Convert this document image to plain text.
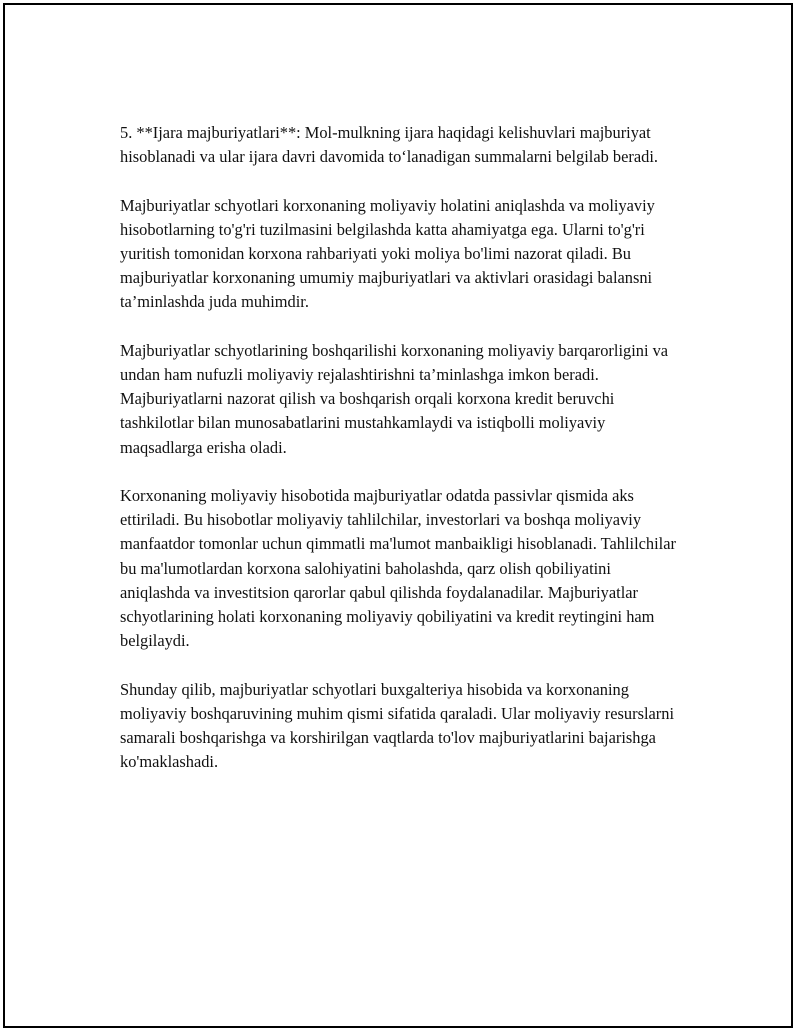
5. **Ijara majburiyatlari**: Mol-mulkning ijara haqidagi kelishuvlari majburiyat hisoblanadi va ular ijara davri davomida toʻlanadigan summalarni belgilab beradi.

Majburiyatlar schyotlari korxonaning moliyaviy holatini aniqlashda va moliyaviy hisobotlarning to'g'ri tuzilmasini belgilashda katta ahamiyatga ega. Ularni to'g'ri yuritish tomonidan korxona rahbariyati yoki moliya bo'limi nazorat qiladi. Bu majburiyatlar korxonaning umumiy majburiyatlari va aktivlari orasidagi balansni ta’minlashda juda muhimdir.

Majburiyatlar schyotlarining boshqarilishi korxonaning moliyaviy barqarorligini va undan ham nufuzli moliyaviy rejalashtirishni ta’minlashga imkon beradi. Majburiyatlarni nazorat qilish va boshqarish orqali korxona kredit beruvchi tashkilotlar bilan munosabatlarini mustahkamlaydi va istiqbolli moliyaviy maqsadlarga erisha oladi.

Korxonaning moliyaviy hisobotida majburiyatlar odatda passivlar qismida aks ettiriladi. Bu hisobotlar moliyaviy tahlilchilar, investorlari va boshqa moliyaviy manfaatdor tomonlar uchun qimmatli ma'lumot manbaikligi hisoblanadi. Tahlilchilar bu ma'lumotlardan korxona salohiyatini baholashda, qarz olish qobiliyatini aniqlashda va investitsion qarorlar qabul qilishda foydalanadilar. Majburiyatlar schyotlarining holati korxonaning moliyaviy qobiliyatini va kredit reytingini ham belgilaydi.

Shunday qilib, majburiyatlar schyotlari buxgalteriya hisobida va korxonaning moliyaviy boshqaruvining muhim qismi sifatida qaraladi. Ular moliyaviy resurslarni samarali boshqarishga va korshirilgan vaqtlarda to'lov majburiyatlarini bajarishga ko'maklashadi.
